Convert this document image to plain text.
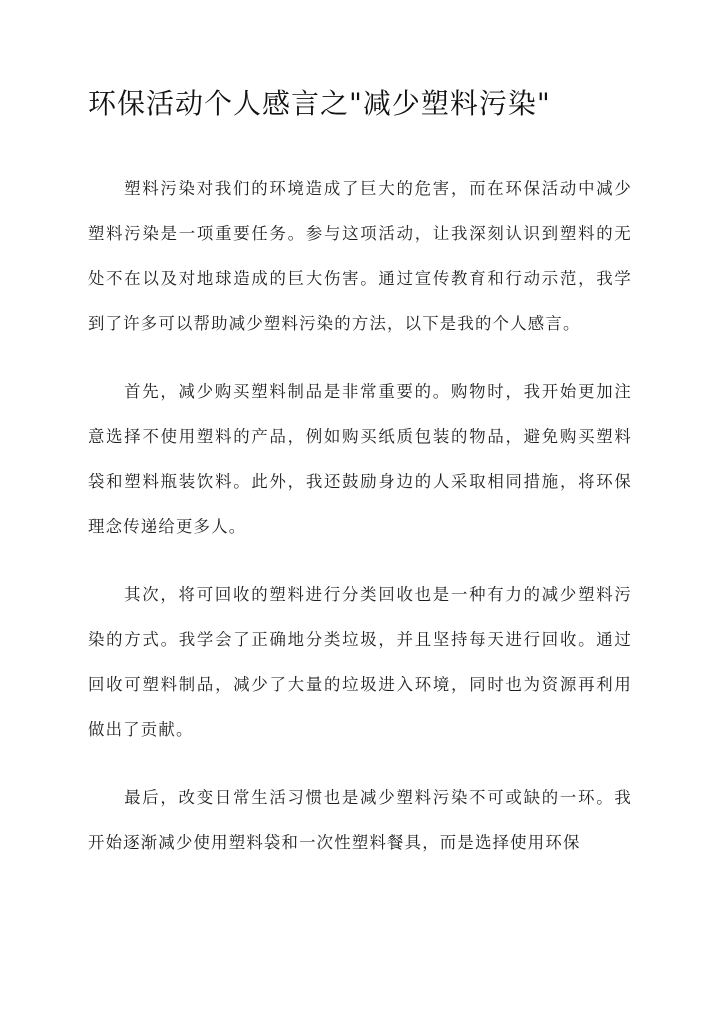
环保活动个人感言之"减少塑料污染"

塑料污染对我们的环境造成了巨大的危害，而在环保活动中减少塑料污染是一项重要任务。参与这项活动，让我深刻认识到塑料的无处不在以及对地球造成的巨大伤害。通过宣传教育和行动示范，我学到了许多可以帮助减少塑料污染的方法，以下是我的个人感言。

首先，减少购买塑料制品是非常重要的。购物时，我开始更加注意选择不使用塑料的产品，例如购买纸质包装的物品，避免购买塑料袋和塑料瓶装饮料。此外，我还鼓励身边的人采取相同措施，将环保理念传递给更多人。

其次，将可回收的塑料进行分类回收也是一种有力的减少塑料污染的方式。我学会了正确地分类垃圾，并且坚持每天进行回收。通过回收可塑料制品，减少了大量的垃圾进入环境，同时也为资源再利用做出了贡献。

最后，改变日常生活习惯也是减少塑料污染不可或缺的一环。我开始逐渐减少使用塑料袋和一次性塑料餐具，而是选择使用环保
